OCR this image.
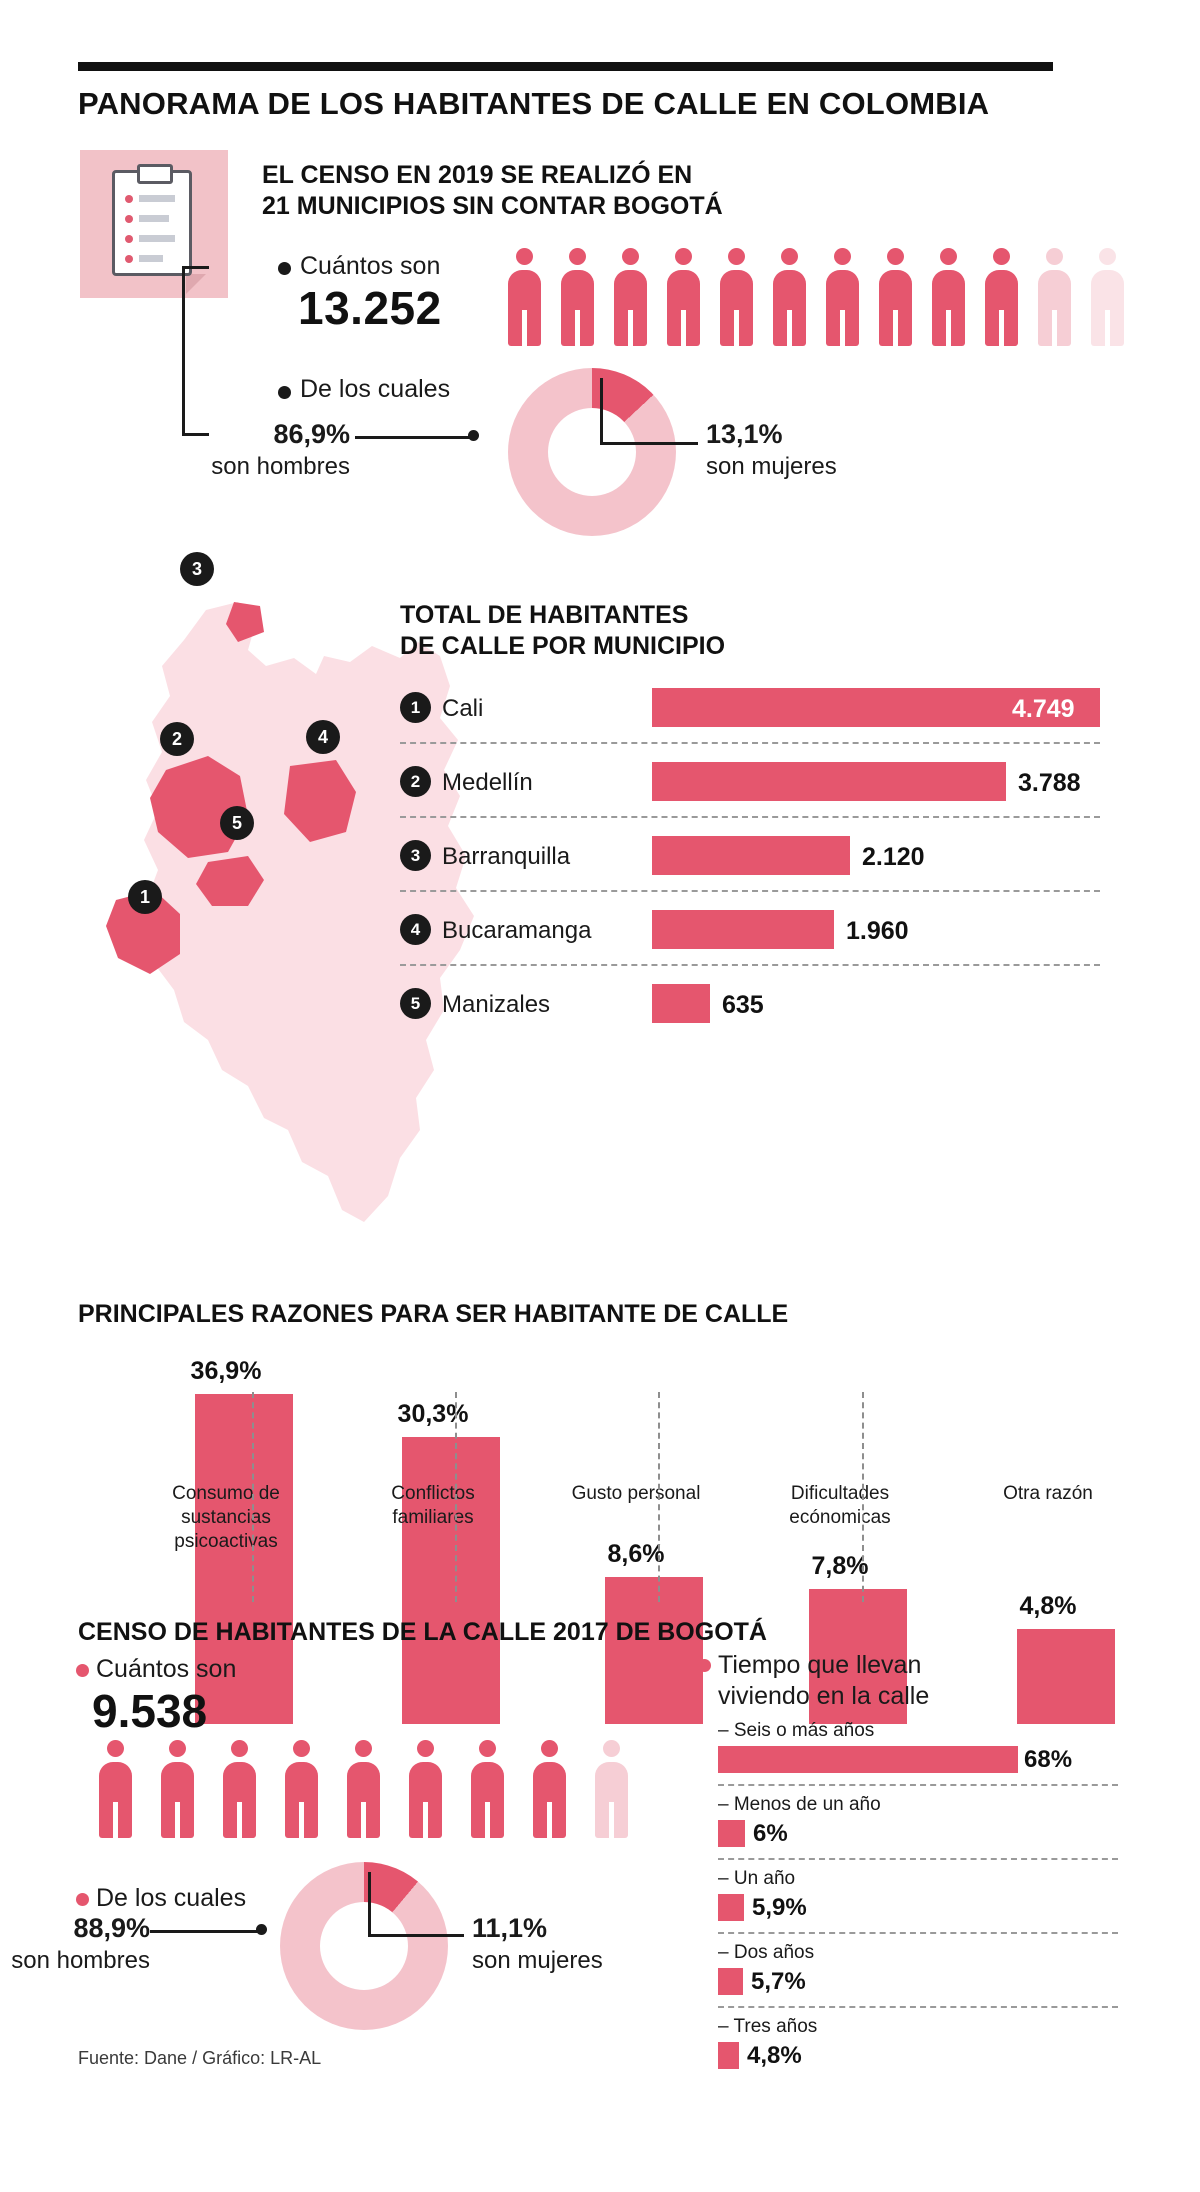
PANORAMA DE LOS HABITANTES DE CALLE EN COLOMBIA
EL CENSO EN 2019 SE REALIZÓ EN
21 MUNICIPIOS SIN CONTAR BOGOTÁ
Cuántos son
13.252
De los cuales
86,9%
son hombres
13,1%
son mujeres
3
2	4
5
1
TOTAL DE HABITANTES
DE CALLE POR MUNICIPIO
1 Cali	4.749
2 Medellín	3.788
3 Barranquilla	2.120
4 Bucaramanga	1.960
5 Manizales	635
PRINCIPALES RAZONES PARA SER HABITANTE DE CALLE
36,9%
Consumo de
sustancias
psicoactivas
30,3%
Conflictos
familiares
8,6%
Gusto personal
7,8%
Dificultades
ecónomicas
4,8%
Otra razón
CENSO DE HABITANTES DE LA CALLE 2017 DE BOGOTÁ
Cuántos son
9.538
De los cuales
88,9%
son hombres
11,1%
son mujeres
Tiempo que llevan
viviendo en la calle
– Seis o más años
68%
– Menos de un año
6%
– Un año
5,9%
– Dos años
5,7%
– Tres años
4,8%
Fuente: Dane / Gráfico: LR-AL
